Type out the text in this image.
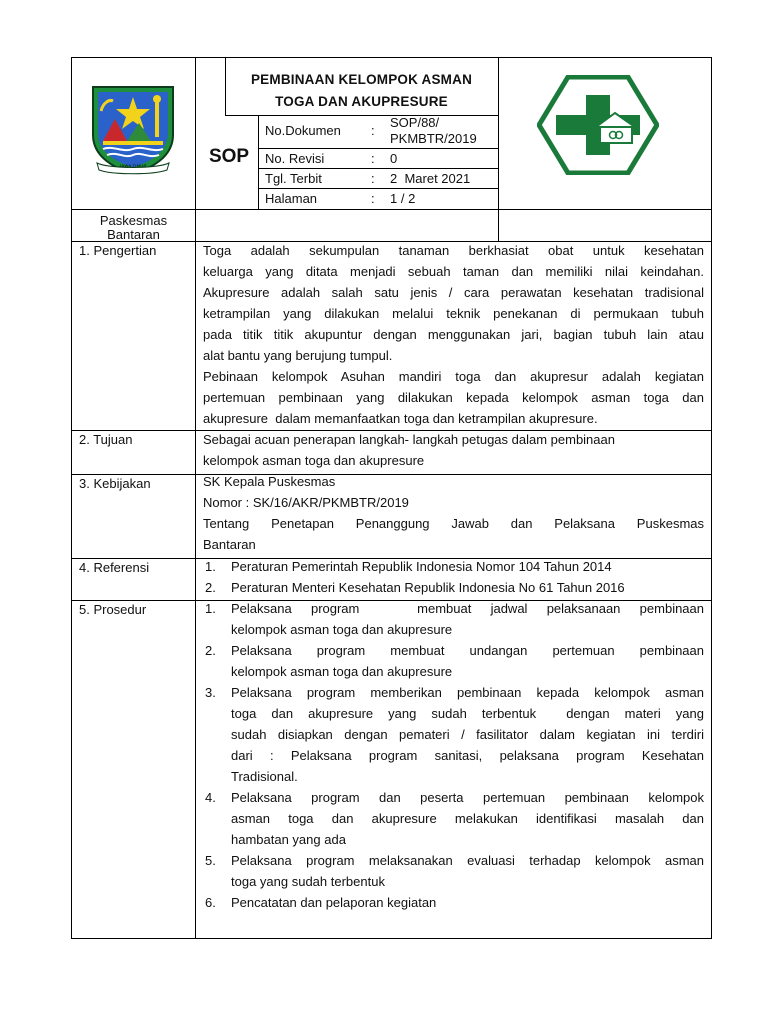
JAWA TIMUR
PEMBINAAN KELOMPOK ASMAN
TOGA DAN AKUPRESURE
SOP
No.Dokumen :
SOP/88/
PKMBTR/2019
No. Revisi	: 0
Tgl. Terbit	: 2  Maret 2021
Halaman	: 1 / 2
Paskesmas
Bantaran
1. Pengertian	Toga adalah sekumpulan tanaman berkhasiat obat untuk kesehatan
keluarga yang ditata menjadi sebuah taman dan memiliki nilai keindahan.
Akupresure adalah salah satu jenis / cara perawatan kesehatan tradisional
ketrampilan yang dilakukan melalui teknik penekanan di permukaan tubuh
pada titik titik akupuntur dengan menggunakan jari, bagian tubuh lain atau
alat bantu yang berujung tumpul.
Pebinaan kelompok Asuhan mandiri toga dan akupresur adalah kegiatan
pertemuan pembinaan yang dilakukan kepada kelompok asman toga dan
akupresure  dalam memanfaatkan toga dan ketrampilan akupresure.
2. Tujuan	Sebagai acuan penerapan langkah- langkah petugas dalam pembinaan
kelompok asman toga dan akupresure
3. Kebijakan	SK Kepala Puskesmas
Nomor : SK/16/AKR/PKMBTR/2019
Tentang Penetapan Penanggung Jawab dan Pelaksana Puskesmas
Bantaran
4. Referensi	1. Peraturan Pemerintah Republik Indonesia Nomor 104 Tahun 2014
2. Peraturan Menteri Kesehatan Republik Indonesia No 61 Tahun 2016
5. Prosedur	1. Pelaksana program   membuat jadwal pelaksanaan pembinaan
kelompok asman toga dan akupresure
2. Pelaksana program membuat undangan pertemuan pembinaan
kelompok asman toga dan akupresure
3. Pelaksana program memberikan pembinaan kepada kelompok asman
toga dan akupresure yang sudah terbentuk  dengan materi yang
sudah disiapkan dengan pemateri / fasilitator dalam kegiatan ini terdiri
dari : Pelaksana program sanitasi, pelaksana program Kesehatan
Tradisional.
4. Pelaksana program dan peserta pertemuan pembinaan kelompok
asman toga dan akupresure melakukan identifikasi masalah dan
hambatan yang ada
5. Pelaksana program melaksanakan evaluasi terhadap kelompok asman
toga yang sudah terbentuk
6. Pencatatan dan pelaporan kegiatan
